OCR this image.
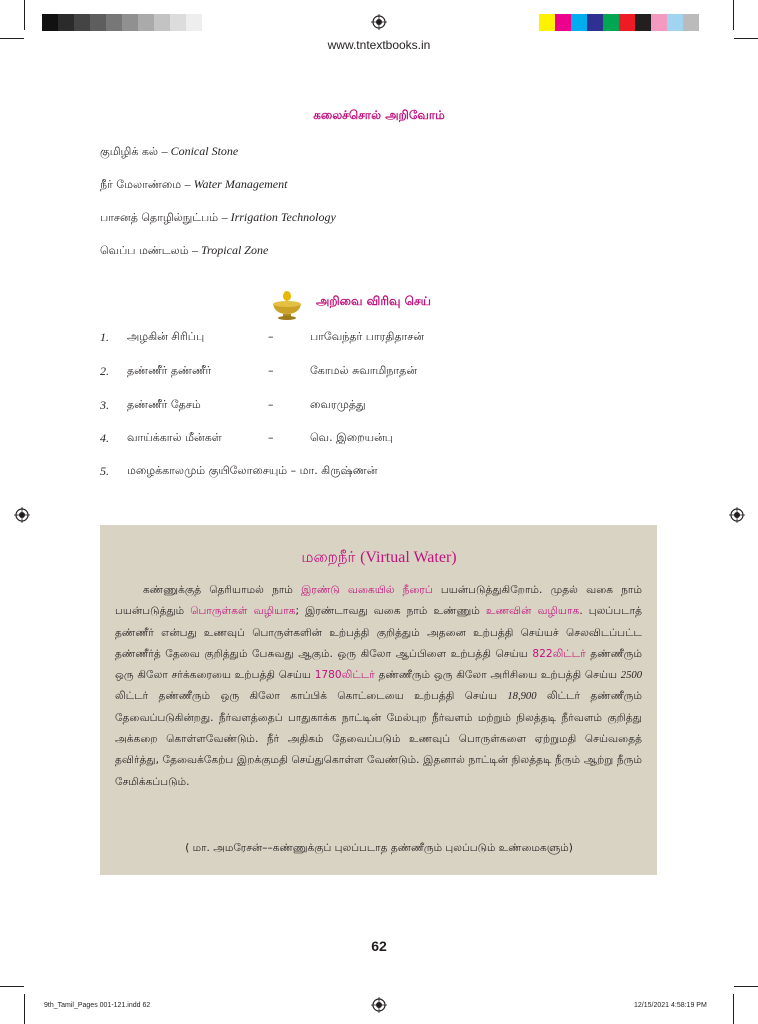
www.tntextbooks.in
கலைச்சொல் அறிவோம்
குமிழிக் கல் – Conical Stone
நீர் மேலாண்மை – Water Management
பாசனத் தொழில்நுட்பம் – Irrigation Technology
வெப்ப மண்டலம் – Tropical Zone
அறிவை விரிவு செய்
1. அழகின் சிரிப்பு	–	பாவேந்தர் பாரதிதாசன்
2. தண்ணீர் தண்ணீர்	–	கோமல் சுவாமிநாதன்
3. தண்ணீர் தேசம்	–	வைரமுத்து
4. வாய்க்கால் மீன்கள்	–	வெ. இறையன்பு
5. மழைக்காலமும் குயிலோசையும் – மா. கிருஷ்ணன்
மறைநீர் (Virtual Water)
கண்ணுக்குத் தெரியாமல் நாம் இரண்டு வகையில் நீரைப் பயன்படுத்துகிறோம். முதல் வகை நாம் பயன்படுத்தும் பொருள்கள் வழியாக; இரண்டாவது வகை நாம் உண்ணும் உணவின் வழியாக. புலப்படாத் தண்ணீர் என்பது உணவுப் பொருள்களின் உற்பத்தி குறித்தும் அதனை உற்பத்தி செய்யச் செலவிடப்பட்ட தண்ணீர்த் தேவை குறித்தும் பேசுவது ஆகும். ஒரு கிலோ ஆப்பிளை உற்பத்தி செய்ய 822லிட்டர் தண்ணீரும் ஒரு கிலோ சர்க்கரையை உற்பத்தி செய்ய 1780லிட்டர் தண்ணீரும் ஒரு கிலோ அரிசியை உற்பத்தி செய்ய 2500 லிட்டர் தண்ணீரும் ஒரு கிலோ காப்பிக் கொட்டையை உற்பத்தி செய்ய 18,900 லிட்டர் தண்ணீரும் தேவைப்படுகின்றது. நீர்வளத்தைப் பாதுகாக்க நாட்டின் மேல்புற நீர்வளம் மற்றும் நிலத்தடி நீர்வளம் குறித்து அக்கறை கொள்ளவேண்டும். நீர் அதிகம் தேவைப்படும் உணவுப் பொருள்களை ஏற்றுமதி செய்வதைத் தவிர்த்து, தேவைக்கேற்ப இறக்குமதி செய்துகொள்ள வேண்டும். இதனால் நாட்டின் நிலத்தடி நீரும் ஆற்று நீரும் சேமிக்கப்படும்.
( மா. அமரேசன்––கண்ணுக்குப் புலப்படாத தண்ணீரும் புலப்படும் உண்மைகளும்)
62
9th_Tamil_Pages 001-121.indd 62	12/15/2021 4:58:19 PM
